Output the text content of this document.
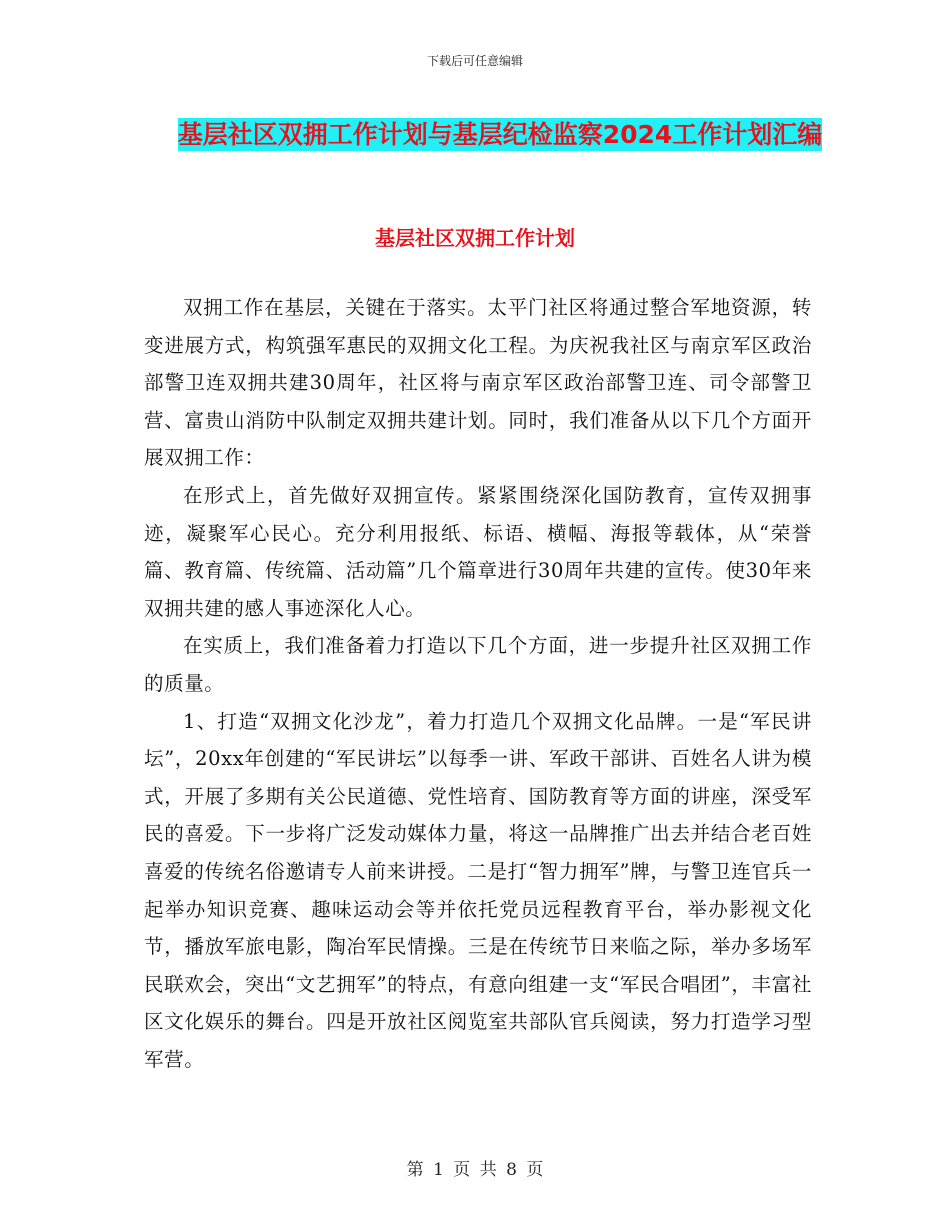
下载后可任意编辑
基层社区双拥工作计划与基层纪检监察2024工作计划汇编
基层社区双拥工作计划

双拥工作在基层，关键在于落实。太平门社区将通过整合军地资源，转变进展方式，构筑强军惠民的双拥文化工程。为庆祝我社区与南京军区政治部警卫连双拥共建30周年，社区将与南京军区政治部警卫连、司令部警卫营、富贵山消防中队制定双拥共建计划。同时，我们准备从以下几个方面开展双拥工作：

在形式上，首先做好双拥宣传。紧紧围绕深化国防教育，宣传双拥事迹，凝聚军心民心。充分利用报纸、标语、横幅、海报等载体，从“荣誉篇、教育篇、传统篇、活动篇”几个篇章进行30周年共建的宣传。使30年来双拥共建的感人事迹深化人心。

在实质上，我们准备着力打造以下几个方面，进一步提升社区双拥工作的质量。

1、打造“双拥文化沙龙”，着力打造几个双拥文化品牌。一是“军民讲坛”，20xx年创建的“军民讲坛”以每季一讲、军政干部讲、百姓名人讲为模式，开展了多期有关公民道德、党性培育、国防教育等方面的讲座，深受军民的喜爱。下一步将广泛发动媒体力量，将这一品牌推广出去并结合老百姓喜爱的传统名俗邀请专人前来讲授。二是打“智力拥军”牌，与警卫连官兵一起举办知识竞赛、趣味运动会等并依托党员远程教育平台，举办影视文化节，播放军旅电影，陶冶军民情操。三是在传统节日来临之际，举办多场军民联欢会，突出“文艺拥军”的特点，有意向组建一支“军民合唱团”，丰富社区文化娱乐的舞台。四是开放社区阅览室共部队官兵阅读，努力打造学习型军营。

第 1 页 共 8 页
